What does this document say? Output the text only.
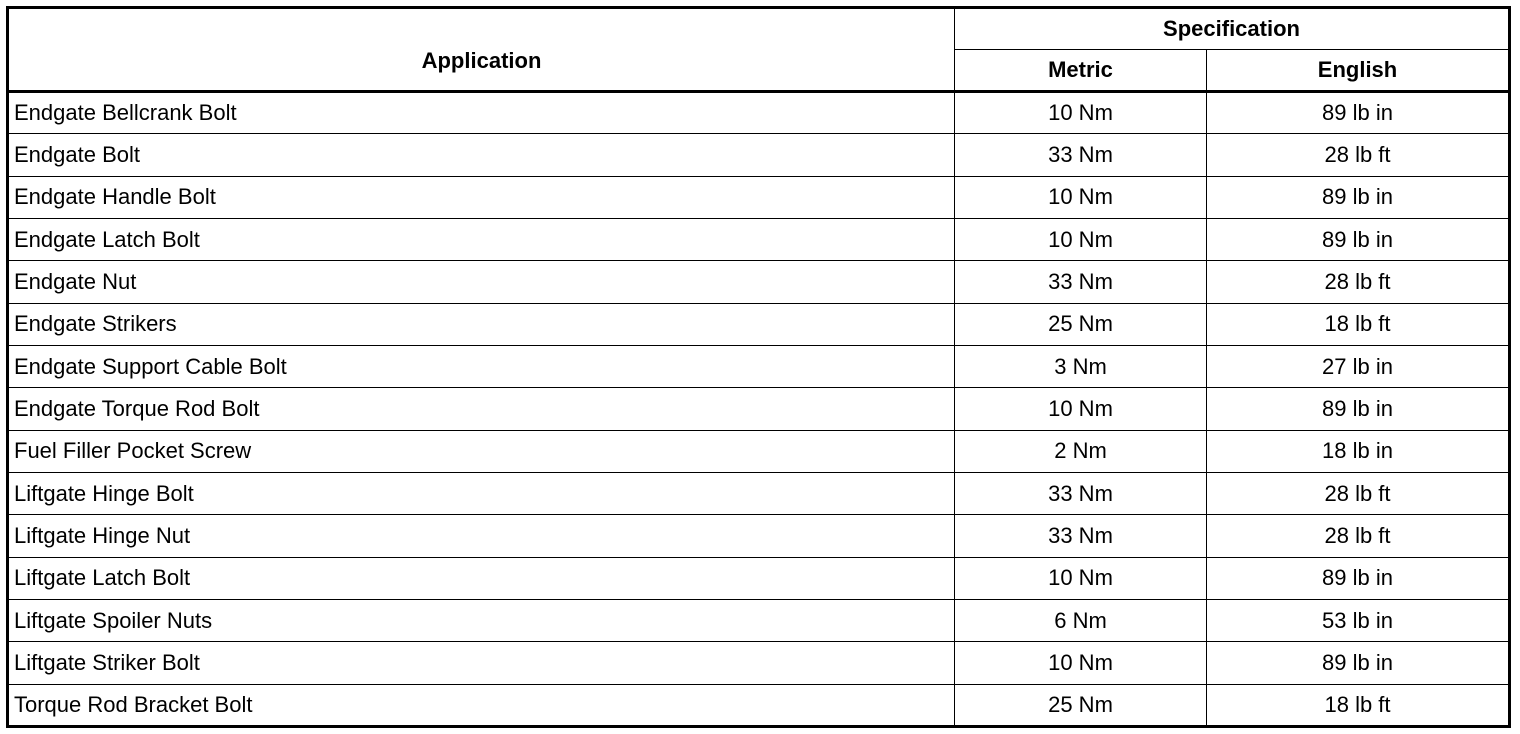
Application	Specification	
	Metric	English
Endgate Bellcrank Bolt	10 Nm	89 lb in
Endgate Bolt	33 Nm	28 lb ft
Endgate Handle Bolt	10 Nm	89 lb in
Endgate Latch Bolt	10 Nm	89 lb in
Endgate Nut	33 Nm	28 lb ft
Endgate Strikers	25 Nm	18 lb ft
Endgate Support Cable Bolt	3 Nm	27 lb in
Endgate Torque Rod Bolt	10 Nm	89 lb in
Fuel Filler Pocket Screw	2 Nm	18 lb in
Liftgate Hinge Bolt	33 Nm	28 lb ft
Liftgate Hinge Nut	33 Nm	28 lb ft
Liftgate Latch Bolt	10 Nm	89 lb in
Liftgate Spoiler Nuts	6 Nm	53 lb in
Liftgate Striker Bolt	10 Nm	89 lb in
Torque Rod Bracket Bolt	25 Nm	18 lb ft
